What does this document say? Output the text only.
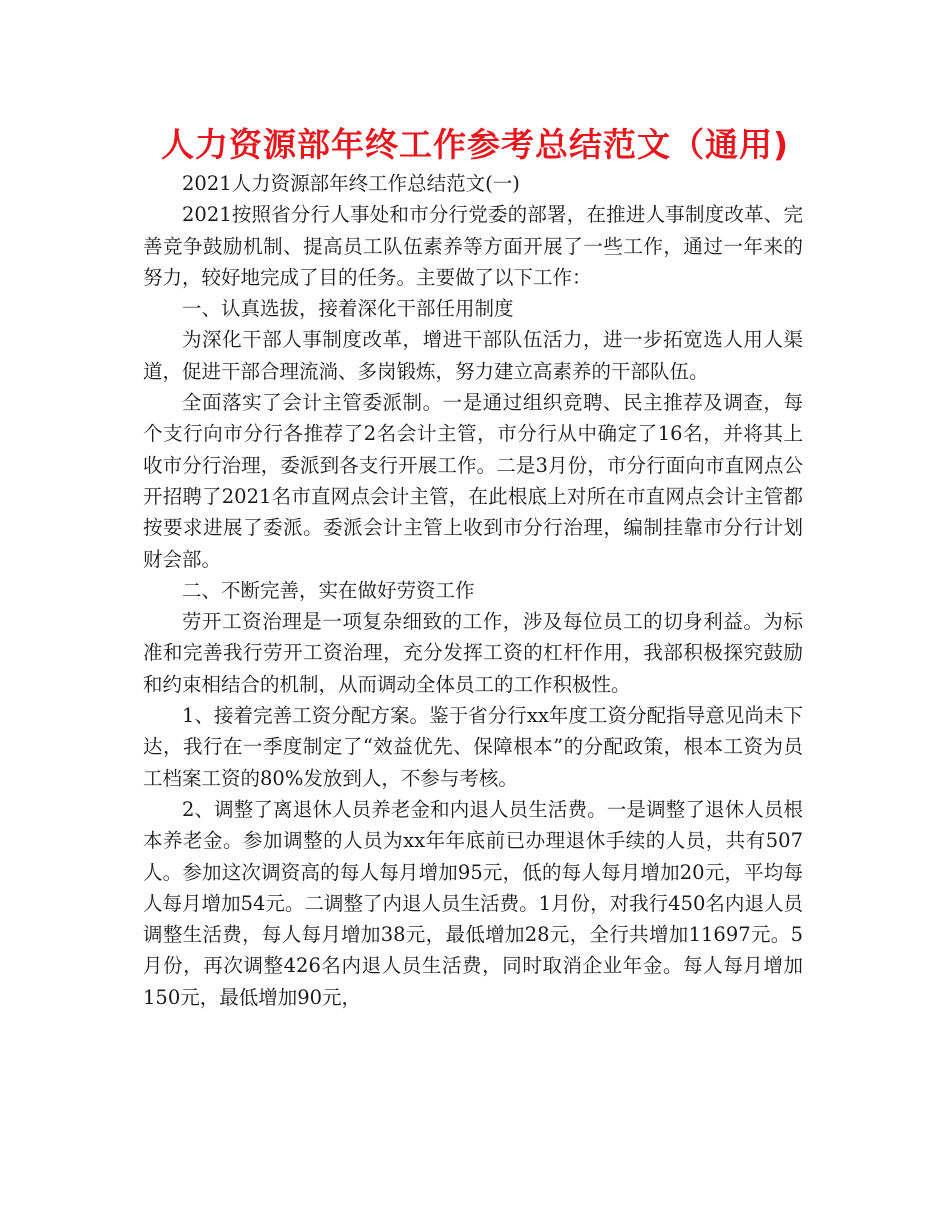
人力资源部年终工作参考总结范文（通用)

2021人力资源部年终工作总结范文(一)

2021按照省分行人事处和市分行党委的部署，在推进人事制度改革、完善竞争鼓励机制、提高员工队伍素养等方面开展了一些工作，通过一年来的努力，较好地完成了目的任务。主要做了以下工作：

一、认真选拔，接着深化干部任用制度

为深化干部人事制度改革，增进干部队伍活力，进一步拓宽选人用人渠道，促进干部合理流淌、多岗锻炼，努力建立高素养的干部队伍。

全面落实了会计主管委派制。一是通过组织竞聘、民主推荐及调查，每个支行向市分行各推荐了2名会计主管，市分行从中确定了16名，并将其上收市分行治理，委派到各支行开展工作。二是3月份，市分行面向市直网点公开招聘了2021名市直网点会计主管，在此根底上对所在市直网点会计主管都按要求进展了委派。委派会计主管上收到市分行治理，编制挂靠市分行计划财会部。

二、不断完善，实在做好劳资工作

劳开工资治理是一项复杂细致的工作，涉及每位员工的切身利益。为标准和完善我行劳开工资治理，充分发挥工资的杠杆作用，我部积极探究鼓励和约束相结合的机制，从而调动全体员工的工作积极性。

1、接着完善工资分配方案。鉴于省分行xx年度工资分配指导意见尚未下达，我行在一季度制定了“效益优先、保障根本”的分配政策，根本工资为员工档案工资的80%发放到人，不参与考核。

2、调整了离退休人员养老金和内退人员生活费。一是调整了退休人员根本养老金。参加调整的人员为xx年年底前已办理退休手续的人员，共有507人。参加这次调资高的每人每月增加95元，低的每人每月增加20元，平均每人每月增加54元。二调整了内退人员生活费。1月份，对我行450名内退人员调整生活费，每人每月增加38元，最低增加28元，全行共增加11697元。5月份，再次调整426名内退人员生活费，同时取消企业年金。每人每月增加150元，最低增加90元，
